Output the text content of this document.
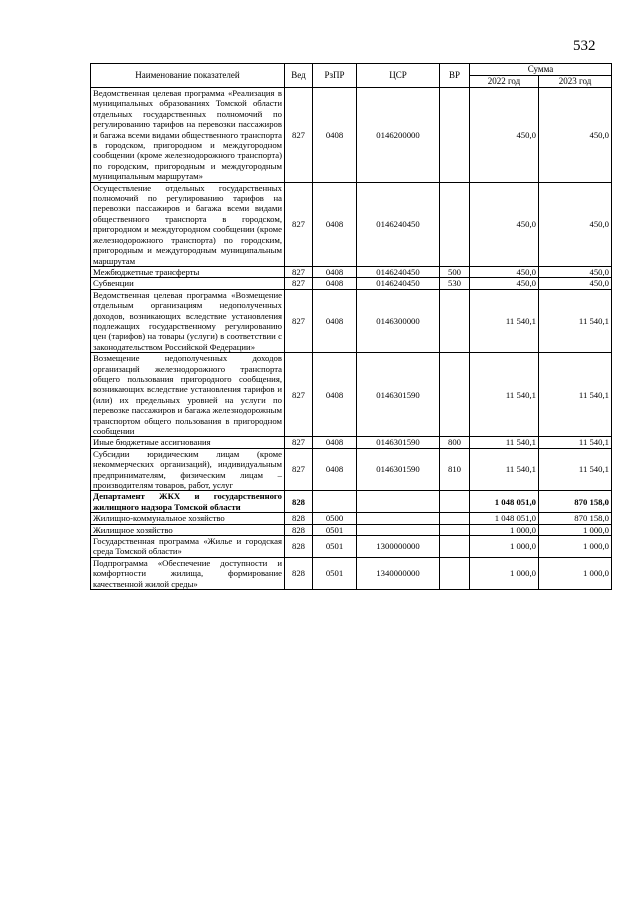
532
Наименование показателей	Вед	РзПР	ЦСР	ВР	Сумма	
					2022 год	2023 год
Ведомственная целевая программа «Реализация в муниципальных образованиях Томской области отдельных государственных полномочий по регулированию тарифов на перевозки пассажиров и багажа всеми видами общественного транспорта в городском, пригородном и междугородном сообщении (кроме железнодорожного транспорта) по городским, пригородным и междугородным муниципальным маршрутам»	827	0408	0146200000		450,0	450,0
Осуществление отдельных государственных полномочий по регулированию тарифов на перевозки пассажиров и багажа всеми видами общественного транспорта в городском, пригородном и междугородном сообщении (кроме железнодорожного транспорта) по городским, пригородным и междугородным муниципальным маршрутам	827	0408	0146240450		450,0	450,0
Межбюджетные трансферты	827	0408	0146240450	500	450,0	450,0
Субвенции	827	0408	0146240450	530	450,0	450,0
Ведомственная целевая программа «Возмещение отдельным организациям недополученных доходов, возникающих вследствие установления подлежащих государственному регулированию цен (тарифов) на товары (услуги) в соответствии с законодательством Российской Федерации»	827	0408	0146300000		11 540,1	11 540,1
Возмещение недополученных доходов организаций железнодорожного транспорта общего пользования пригородного сообщения, возникающих вследствие установления тарифов и (или) их предельных уровней на услуги по перевозке пассажиров и багажа железнодорожным транспортом общего пользования в пригородном сообщении	827	0408	0146301590		11 540,1	11 540,1
Иные бюджетные ассигнования	827	0408	0146301590	800	11 540,1	11 540,1
Субсидии юридическим лицам (кроме некоммерческих организаций), индивидуальным предпринимателям, физическим лицам – производителям товаров, работ, услуг	827	0408	0146301590	810	11 540,1	11 540,1
Департамент ЖКХ и государственного жилищного надзора Томской области	828				1 048 051,0	870 158,0
Жилищно-коммунальное хозяйство	828	0500			1 048 051,0	870 158,0
Жилищное хозяйство	828	0501			1 000,0	1 000,0
Государственная программа «Жилье и городская среда Томской области»	828	0501	1300000000		1 000,0	1 000,0
Подпрограмма «Обеспечение доступности и комфортности жилища, формирование качественной жилой среды»	828	0501	1340000000		1 000,0	1 000,0
